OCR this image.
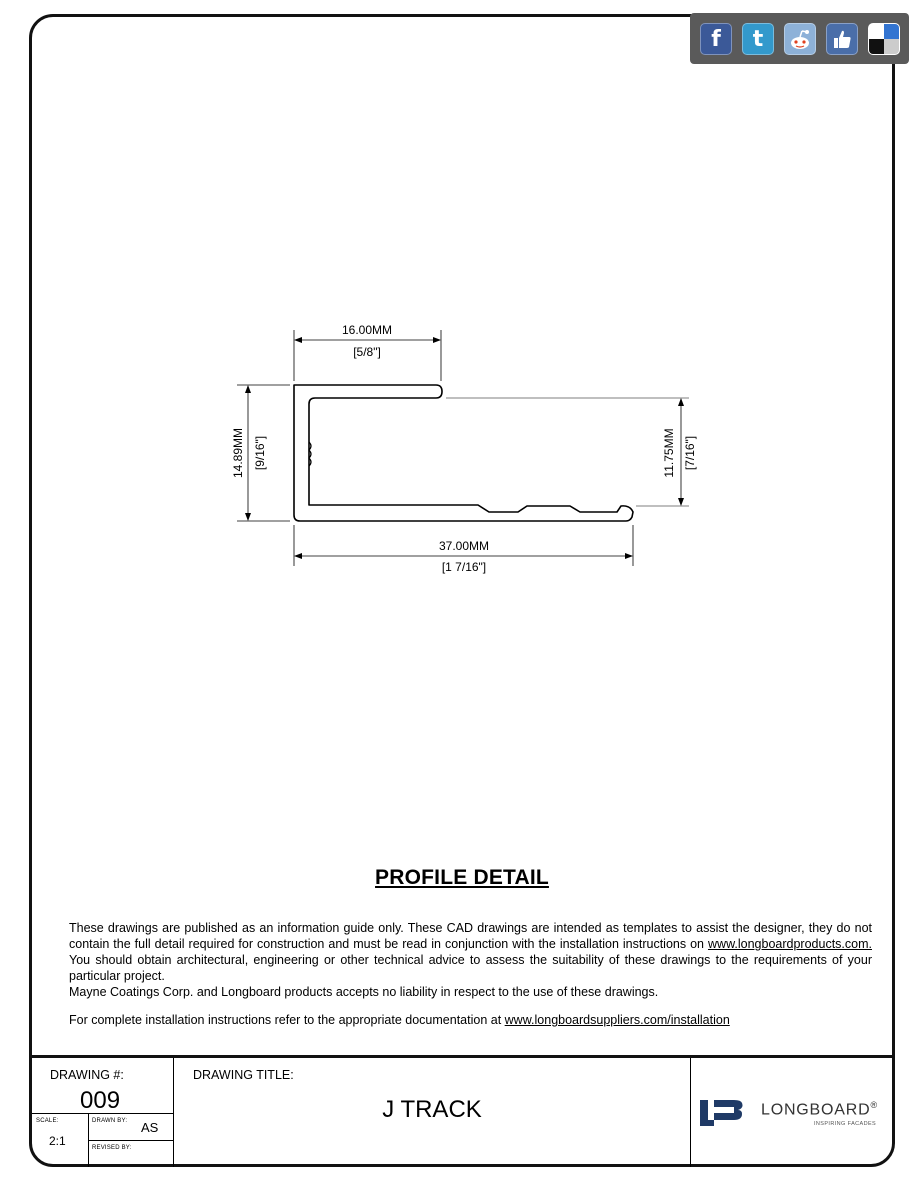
f	t
16.00MM
[5/8"]
14.89MM [9/16"]	11.75MM [7/16"]
37.00MM
[1 7/16"]
PROFILE DETAIL

These drawings are published as an information guide only. These CAD drawings are intended as templates to assist the designer, they do not contain the full detail required for construction and must be read in conjunction with the installation instructions on www.longboardproducts.com. You should obtain architectural, engineering or other technical advice to assess the suitability of these drawings to the requirements of your particular project.

Mayne Coatings Corp. and Longboard products accepts no liability in respect to the use of these drawings.

For complete installation instructions refer to the appropriate documentation at www.longboardsuppliers.com/installation
DRAWING #:
009
SCALE:
2:1
DRAWN BY: AS
REVISED BY:
DRAWING TITLE:
J TRACK	LONGBOARD®
INSPIRING FACADES
